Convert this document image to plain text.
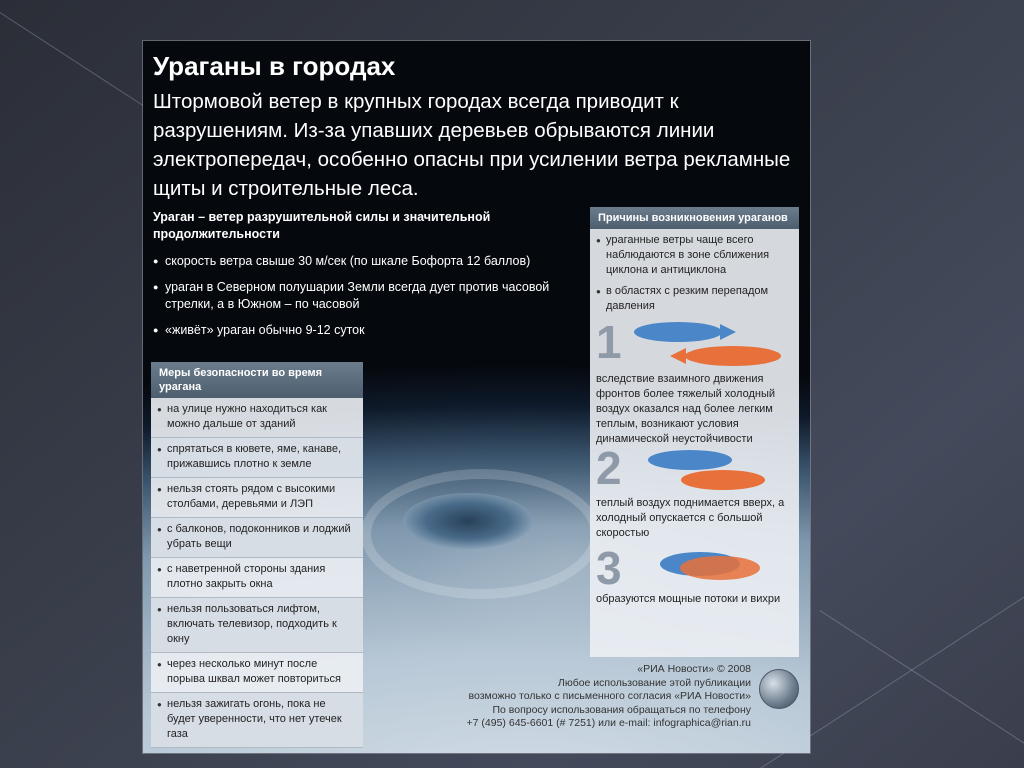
Ураганы в городах
Штормовой ветер в крупных городах всегда приводит к разрушениям. Из-за упавших деревьев обрываются линии электропередач, особенно опасны при усилении ветра рекламные щиты и строительные леса.
Ураган – ветер разрушительной силы и значительной продолжительности
● скорость ветра свыше 30 м/сек (по шкале Бофорта 12 баллов)
● ураган в Северном полушарии Земли всегда дует против часовой стрелки, а в Южном – по часовой
● «живёт» ураган обычно 9-12 суток
Меры безопасности во время урагана
● на улице нужно находиться как можно дальше от зданий
● спрятаться в кювете, яме, канаве, прижавшись плотно к земле
● нельзя стоять рядом с высокими столбами, деревьями и ЛЭП
● с балконов, подоконников и лоджий убрать вещи
● с наветренной стороны здания плотно закрыть окна
● нельзя пользоваться лифтом, включать телевизор, подходить к окну
● через несколько минут после порыва шквал может повториться
● нельзя зажигать огонь, пока не будет уверенности, что нет утечек газа
Причины возникновения ураганов
● ураганные ветры чаще всего наблюдаются в зоне сближения циклона и антициклона
● в областях с резким перепадом давления
1
вследствие взаимного движения фронтов более тяжелый холодный воздух оказался над более легким теплым, возникают условия динамической неустойчивости
2
теплый воздух поднимается вверх, а холодный опускается с большой скоростью
3
образуются мощные потоки и вихри
«РИА Новости» © 2008
Любое использование этой публикации
возможно только с письменного согласия «РИА Новости»
По вопросу использования обращаться по телефону
+7 (495) 645-6601 (# 7251) или e-mail: infographica@rian.ru
